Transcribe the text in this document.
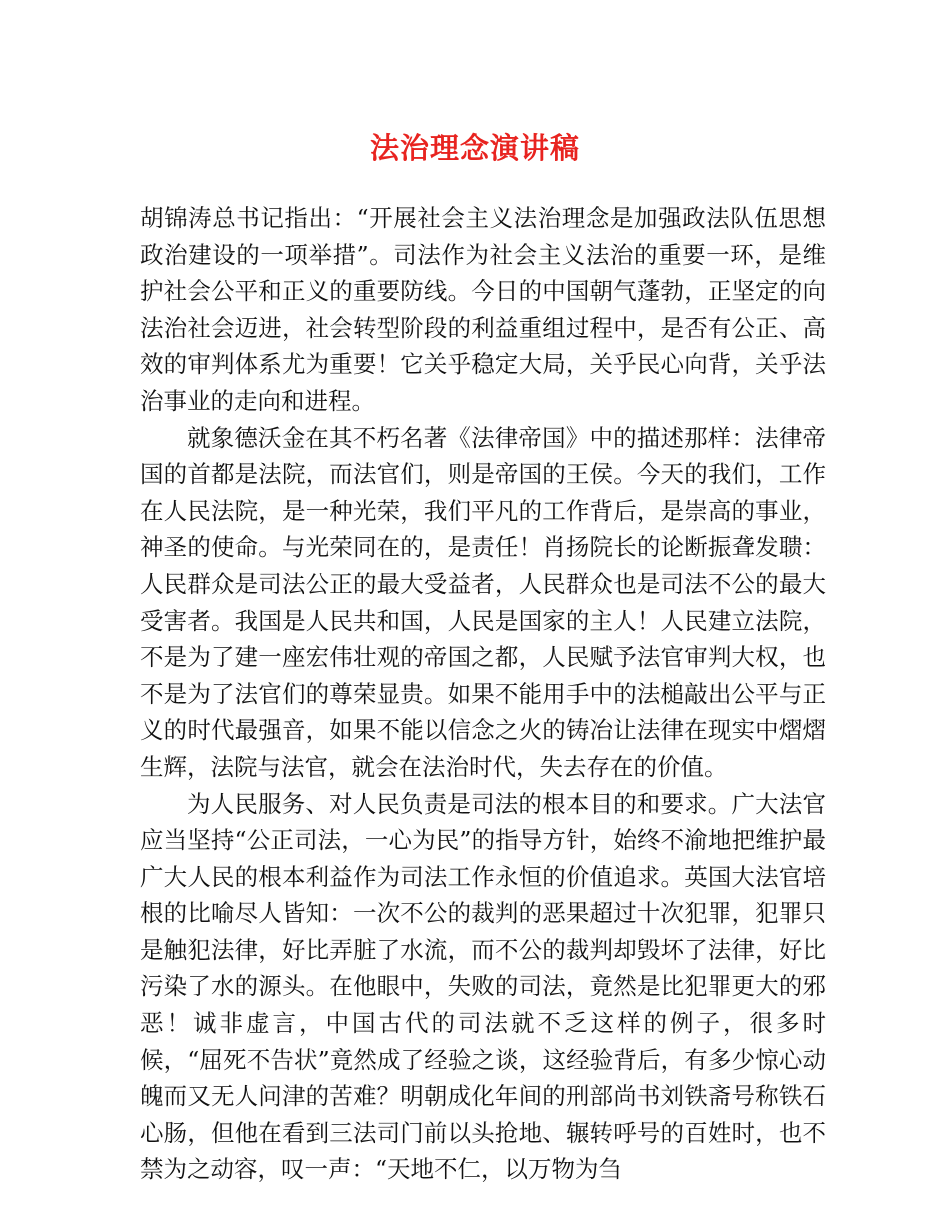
法治理念演讲稿

胡锦涛总书记指出：“开展社会主义法治理念是加强政法队伍思想政治建设的一项举措”。司法作为社会主义法治的重要一环，是维护社会公平和正义的重要防线。今日的中国朝气蓬勃，正坚定的向法治社会迈进，社会转型阶段的利益重组过程中，是否有公正、高效的审判体系尤为重要！它关乎稳定大局，关乎民心向背，关乎法治事业的走向和进程。

就象德沃金在其不朽名著《法律帝国》中的描述那样：法律帝国的首都是法院，而法官们，则是帝国的王侯。今天的我们，工作在人民法院，是一种光荣，我们平凡的工作背后，是崇高的事业，神圣的使命。与光荣同在的，是责任！肖扬院长的论断振聋发聩：人民群众是司法公正的最大受益者，人民群众也是司法不公的最大受害者。我国是人民共和国，人民是国家的主人！人民建立法院，不是为了建一座宏伟壮观的帝国之都，人民赋予法官审判大权，也不是为了法官们的尊荣显贵。如果不能用手中的法槌敲出公平与正义的时代最强音，如果不能以信念之火的铸冶让法律在现实中熠熠生辉，法院与法官，就会在法治时代，失去存在的价值。

为人民服务、对人民负责是司法的根本目的和要求。广大法官应当坚持“公正司法，一心为民”的指导方针，始终不渝地把维护最广大人民的根本利益作为司法工作永恒的价值追求。英国大法官培根的比喻尽人皆知：一次不公的裁判的恶果超过十次犯罪，犯罪只是触犯法律，好比弄脏了水流，而不公的裁判却毁坏了法律，好比污染了水的源头。在他眼中，失败的司法，竟然是比犯罪更大的邪恶！诚非虚言，中国古代的司法就不乏这样的例子，很多时候，“屈死不告状”竟然成了经验之谈，这经验背后，有多少惊心动魄而又无人问津的苦难？明朝成化年间的刑部尚书刘铁斋号称铁石心肠，但他在看到三法司门前以头抢地、辗转呼号的百姓时，也不禁为之动容，叹一声：“天地不仁，以万物为刍
